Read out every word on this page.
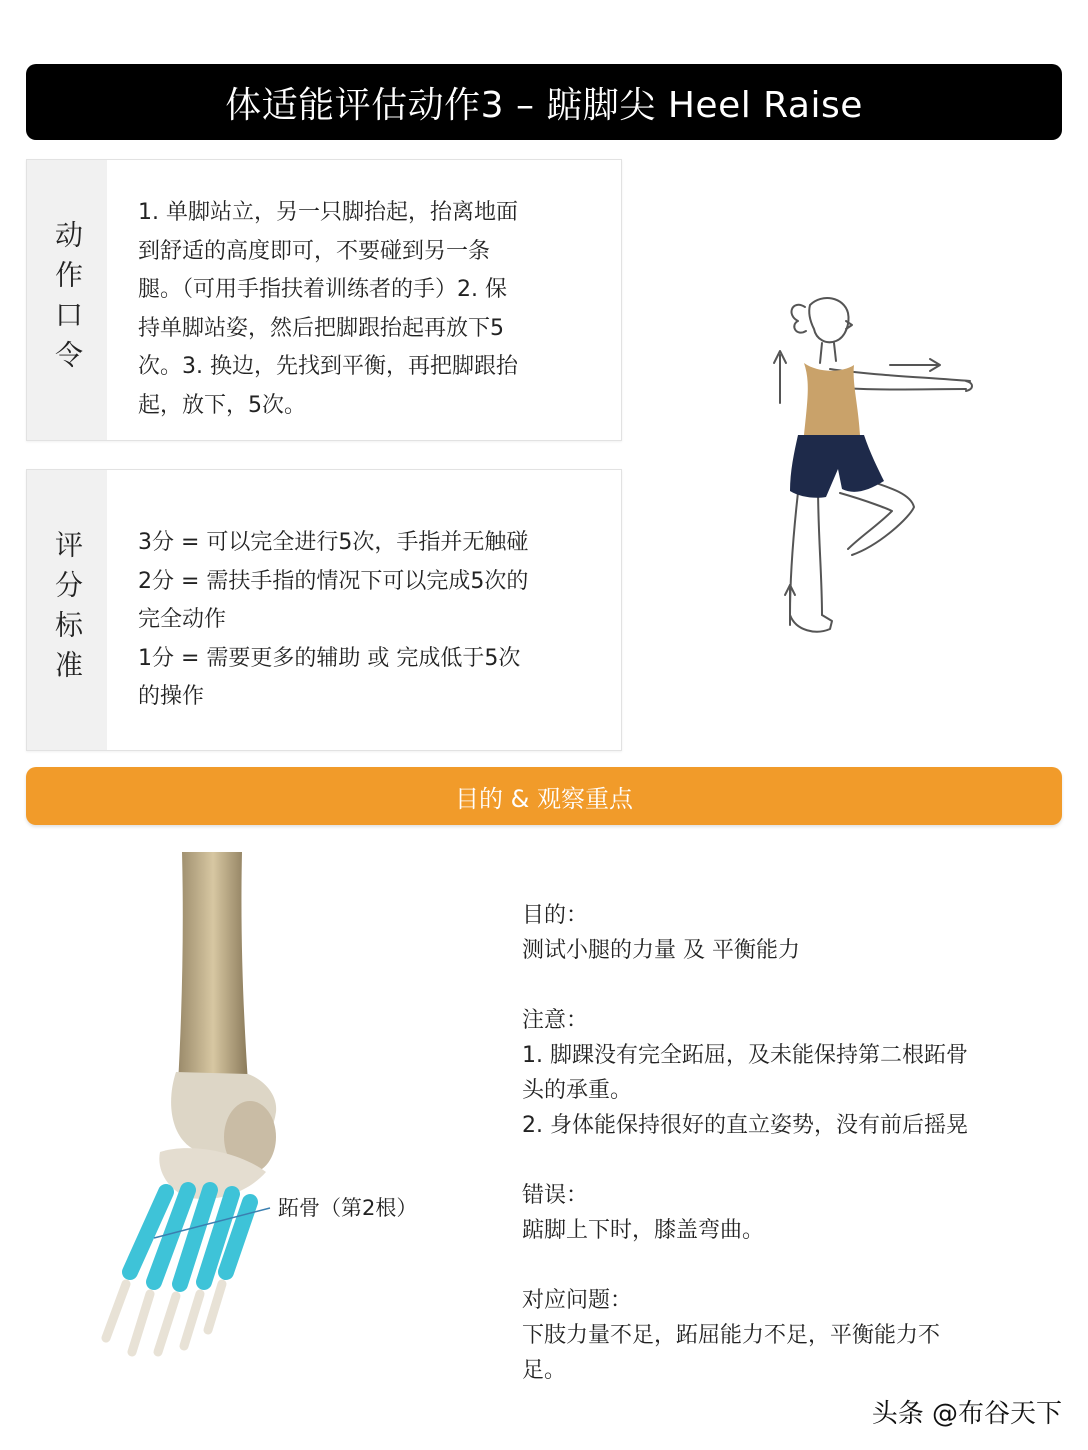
体适能评估动作3 – 踮脚尖 Heel Raise
动作口令
1. 单脚站立，另一只脚抬起，抬离地面
到舒适的高度即可，不要碰到另一条
腿。（可用手指扶着训练者的手）2. 保
持单脚站姿，然后把脚跟抬起再放下5
次。3. 换边，先找到平衡，再把脚跟抬
起，放下，5次。
评分标准 3分 = 可以完全进行5次，手指并无触碰
2分 = 需扶手指的情况下可以完成5次的
完全动作
1分 = 需要更多的辅助 或 完成低于5次
的操作
目的 & 观察重点
跖骨（第2根）

目的：

测试小腿的力量 及 平衡能力

注意：

1. 脚踝没有完全跖屈，及未能保持第二根跖骨

头的承重。

2. 身体能保持很好的直立姿势，没有前后摇晃

错误：

踮脚上下时，膝盖弯曲。

对应问题：

下肢力量不足，跖屈能力不足，平衡能力不

足。

头条 @布谷天下
